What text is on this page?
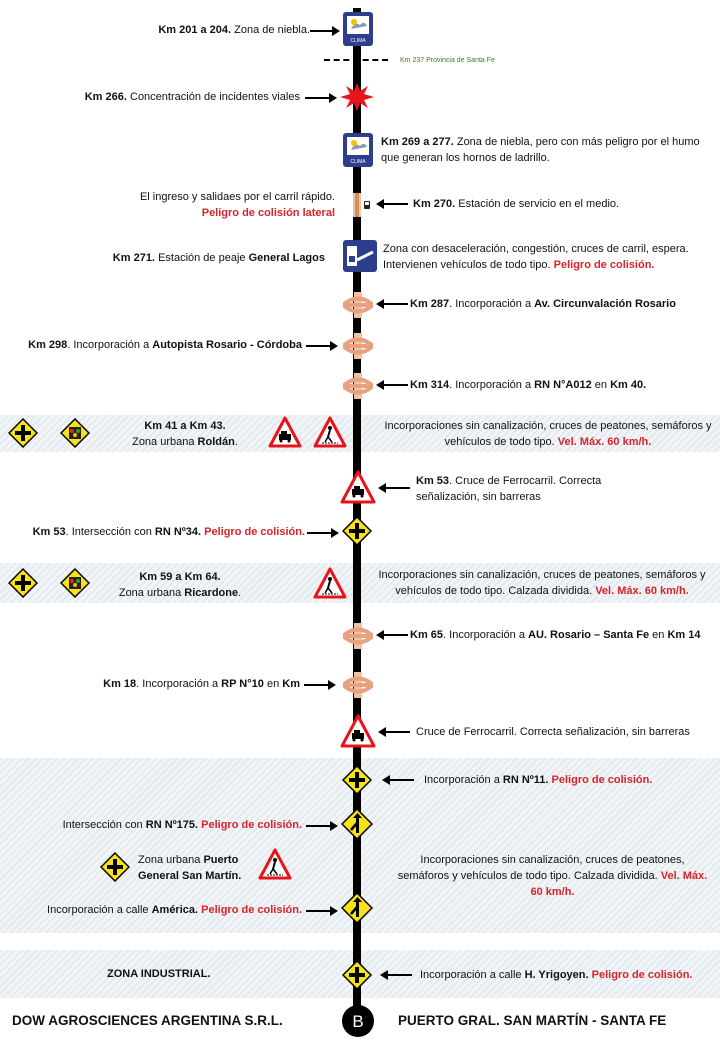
Km 201 a 204. Zona de niebla.
CLIMA
Km 237 Provincia de Santa Fe
Km 266. Concentración de incidentes viales
CLIMA
Km 269 a 277. Zona de niebla, pero con más peligro por el humo que generan los hornos de ladrillo.
El ingreso y salidaes por el carril rápido.
Peligro de colisión lateral
Km 270. Estación de servicio en el medio.
Km 271. Estación de peaje General Lagos
Zona con desaceleración, congestión, cruces de carril, espera. Intervienen vehículos de todo tipo. Peligro de colisión.
Km 287. Incorporación a Av. Circunvalación Rosario
Km 298. Incorporación a Autopista Rosario - Córdoba
Km 314. Incorporación a RN N°A012 en Km 40.
Km 41 a Km 43.
Zona urbana Roldán.
Incorporaciones sin canalización, cruces de peatones, semáforos y vehículos de todo tipo. Vel. Máx. 60 km/h.
Km 53. Cruce de Ferrocarril. Correcta señalización, sin barreras
Km 53. Intersección con RN Nº34. Peligro de colisión.
Km 59 a Km 64.
Zona urbana Ricardone.
Incorporaciones sin canalización, cruces de peatones, semáforos y vehículos de todo tipo. Calzada dividida. Vel. Máx. 60 km/h.
Km 65. Incorporación a AU. Rosario – Santa Fe en Km 14
Km 18. Incorporación a RP N°10 en Km
Cruce de Ferrocarril. Correcta señalización, sin barreras
Incorporación a RN Nº11. Peligro de colisión.
Intersección con RN Nº175. Peligro de colisión.
Zona urbana Puerto General San Martín.
Incorporaciones sin canalización, cruces de peatones, semáforos y vehículos de todo tipo. Calzada dividida. Vel. Máx. 60 km/h.
Incorporación a calle América. Peligro de colisión.
ZONA INDUSTRIAL.	Incorporación a calle H. Yrigoyen. Peligro de colisión.
DOW AGROSCIENCES ARGENTINA S.R.L.	B	PUERTO GRAL. SAN MARTÍN - SANTA FE
